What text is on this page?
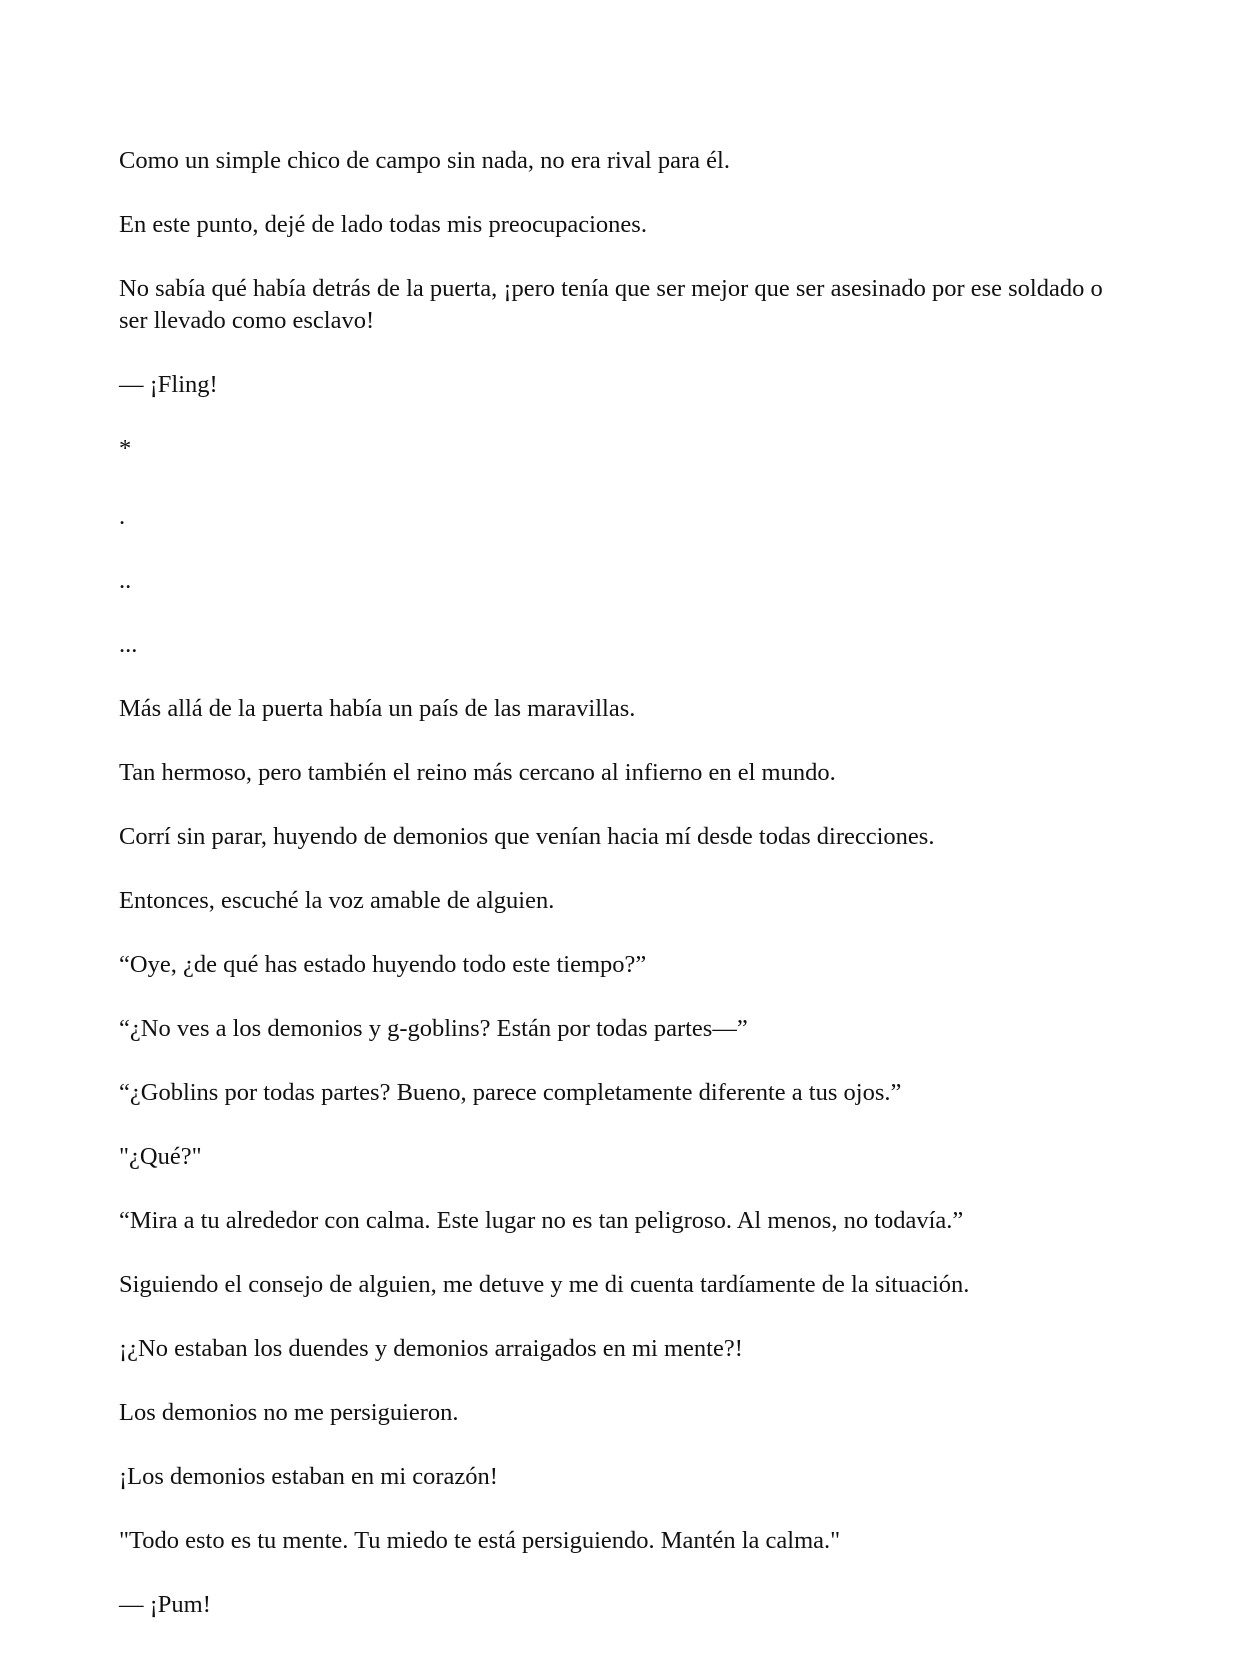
Como un simple chico de campo sin nada, no era rival para él.

En este punto, dejé de lado todas mis preocupaciones.

No sabía qué había detrás de la puerta, ¡pero tenía que ser mejor que ser asesinado por ese soldado o ser llevado como esclavo!

— ¡Fling!

*

.

..

...

Más allá de la puerta había un país de las maravillas.

Tan hermoso, pero también el reino más cercano al infierno en el mundo.

Corrí sin parar, huyendo de demonios que venían hacia mí desde todas direcciones.

Entonces, escuché la voz amable de alguien.

“Oye, ¿de qué has estado huyendo todo este tiempo?”

“¿No ves a los demonios y g-goblins? Están por todas partes—”

“¿Goblins por todas partes? Bueno, parece completamente diferente a tus ojos.”

"¿Qué?"

“Mira a tu alrededor con calma. Este lugar no es tan peligroso. Al menos, no todavía.”

Siguiendo el consejo de alguien, me detuve y me di cuenta tardíamente de la situación.

¡¿No estaban los duendes y demonios arraigados en mi mente?!

Los demonios no me persiguieron.

¡Los demonios estaban en mi corazón!

"Todo esto es tu mente. Tu miedo te está persiguiendo. Mantén la calma."

— ¡Pum!
